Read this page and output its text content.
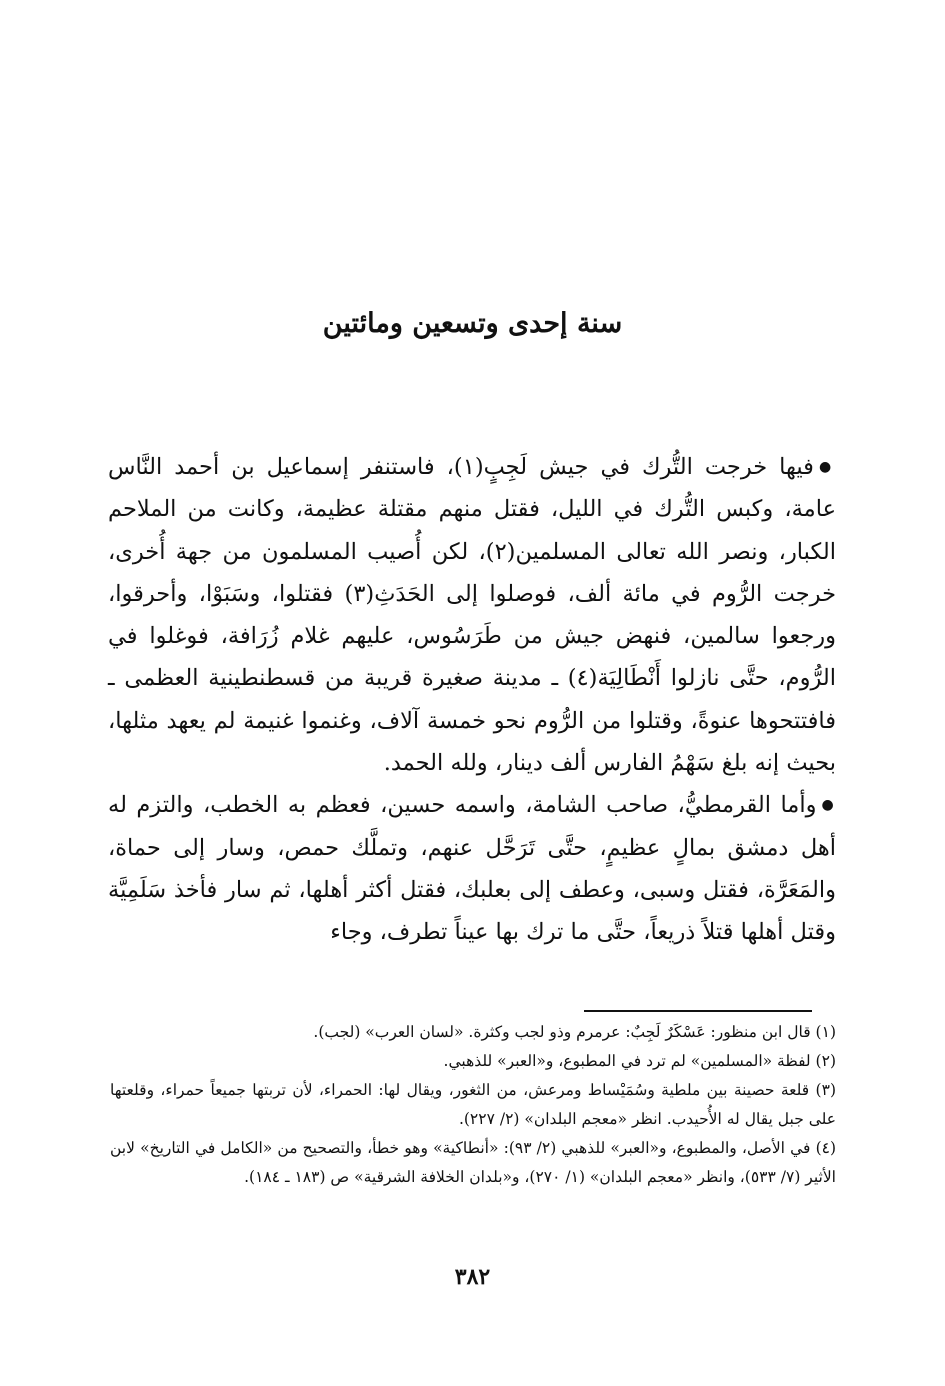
سنة إحدى وتسعين ومائتين

●فيها خرجت التُّرك في جيش لَجِبٍ(١)، فاستنفر إسماعيل بن أحمد النَّاس عامة، وكبس التُّرك في الليل، فقتل منهم مقتلة عظيمة، وكانت من الملاحم الكبار، ونصر الله تعالى المسلمين(٢)، لكن أُصيب المسلمون من جهة أُخرى، خرجت الرُّوم في مائة ألف، فوصلوا إلى الحَدَثِ(٣) فقتلوا، وسَبَوْا، وأحرقوا، ورجعوا سالمين، فنهض جيش من طَرَسُوس، عليهم غلام زُرَافة، فوغلوا في الرُّوم، حتَّى نازلوا أَنْطَالِيَة(٤) ـ مدينة صغيرة قريبة من قسطنطينية العظمى ـ فافتتحوها عنوةً، وقتلوا من الرُّوم نحو خمسة آلاف، وغنموا غنيمة لم يعهد مثلها، بحيث إنه بلغ سَهْمُ الفارس ألف دينار، ولله الحمد.

●وأما القرمطيُّ، صاحب الشامة، واسمه حسين، فعظم به الخطب، والتزم له أهل دمشق بمالٍ عظيمٍ، حتَّى تَرَحَّل عنهم، وتملَّك حمص، وسار إلى حماة، والمَعَرَّة، فقتل وسبى، وعطف إلى بعلبك، فقتل أكثر أهلها، ثم سار فأخذ سَلَمِيَّة وقتل أهلها قتلاً ذريعاً، حتَّى ما ترك بها عيناً تطرف، وجاء

(١) قال ابن منظور: عَسْكَرٌ لَجِبٌ: عرمرم وذو لجب وكثرة. «لسان العرب» (لجب).

(٢) لفظة «المسلمين» لم ترد في المطبوع، و«العبر» للذهبي.

(٣) قلعة حصينة بين ملطية وسُمَيْساط ومرعش، من الثغور، ويقال لها: الحمراء، لأن تربتها جميعاً حمراء، وقلعتها على جبل يقال له الأُحيدب. انظر «معجم البلدان» (٢/ ٢٢٧).

(٤) في الأصل، والمطبوع، و«العبر» للذهبي (٢/ ٩٣): «أنطاكية» وهو خطأ، والتصحيح من «الكامل في التاريخ» لابن الأثير (٧/ ٥٣٣)، وانظر «معجم البلدان» (١/ ٢٧٠)، و«بلدان الخلافة الشرقية» ص (١٨٣ ـ ١٨٤).

٣٨٢
